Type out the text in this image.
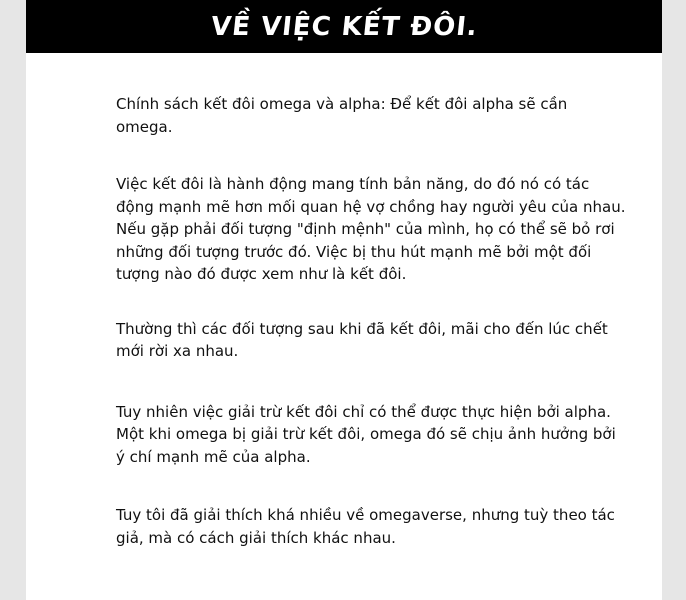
VỀ VIỆC KẾT ĐÔI.

Chính sách kết đôi omega và alpha: Để kết đôi alpha sẽ cần omega.

Việc kết đôi là hành động mang tính bản năng, do đó nó có tác động mạnh mẽ hơn mối quan hệ vợ chồng hay người yêu của nhau. Nếu gặp phải đối tượng "định mệnh" của mình, họ có thể sẽ bỏ rơi những đối tượng trước đó. Việc bị thu hút mạnh mẽ bởi một đối tượng nào đó được xem như là kết đôi.

Thường thì các đối tượng sau khi đã kết đôi, mãi cho đến lúc chết mới rời xa nhau.

Tuy nhiên việc giải trừ kết đôi chỉ có thể được thực hiện bởi alpha. Một khi omega bị giải trừ kết đôi, omega đó sẽ chịu ảnh hưởng bởi ý chí mạnh mẽ của alpha.

Tuy tôi đã giải thích khá nhiều về omegaverse, nhưng tuỳ theo tác giả, mà có cách giải thích khác nhau.
